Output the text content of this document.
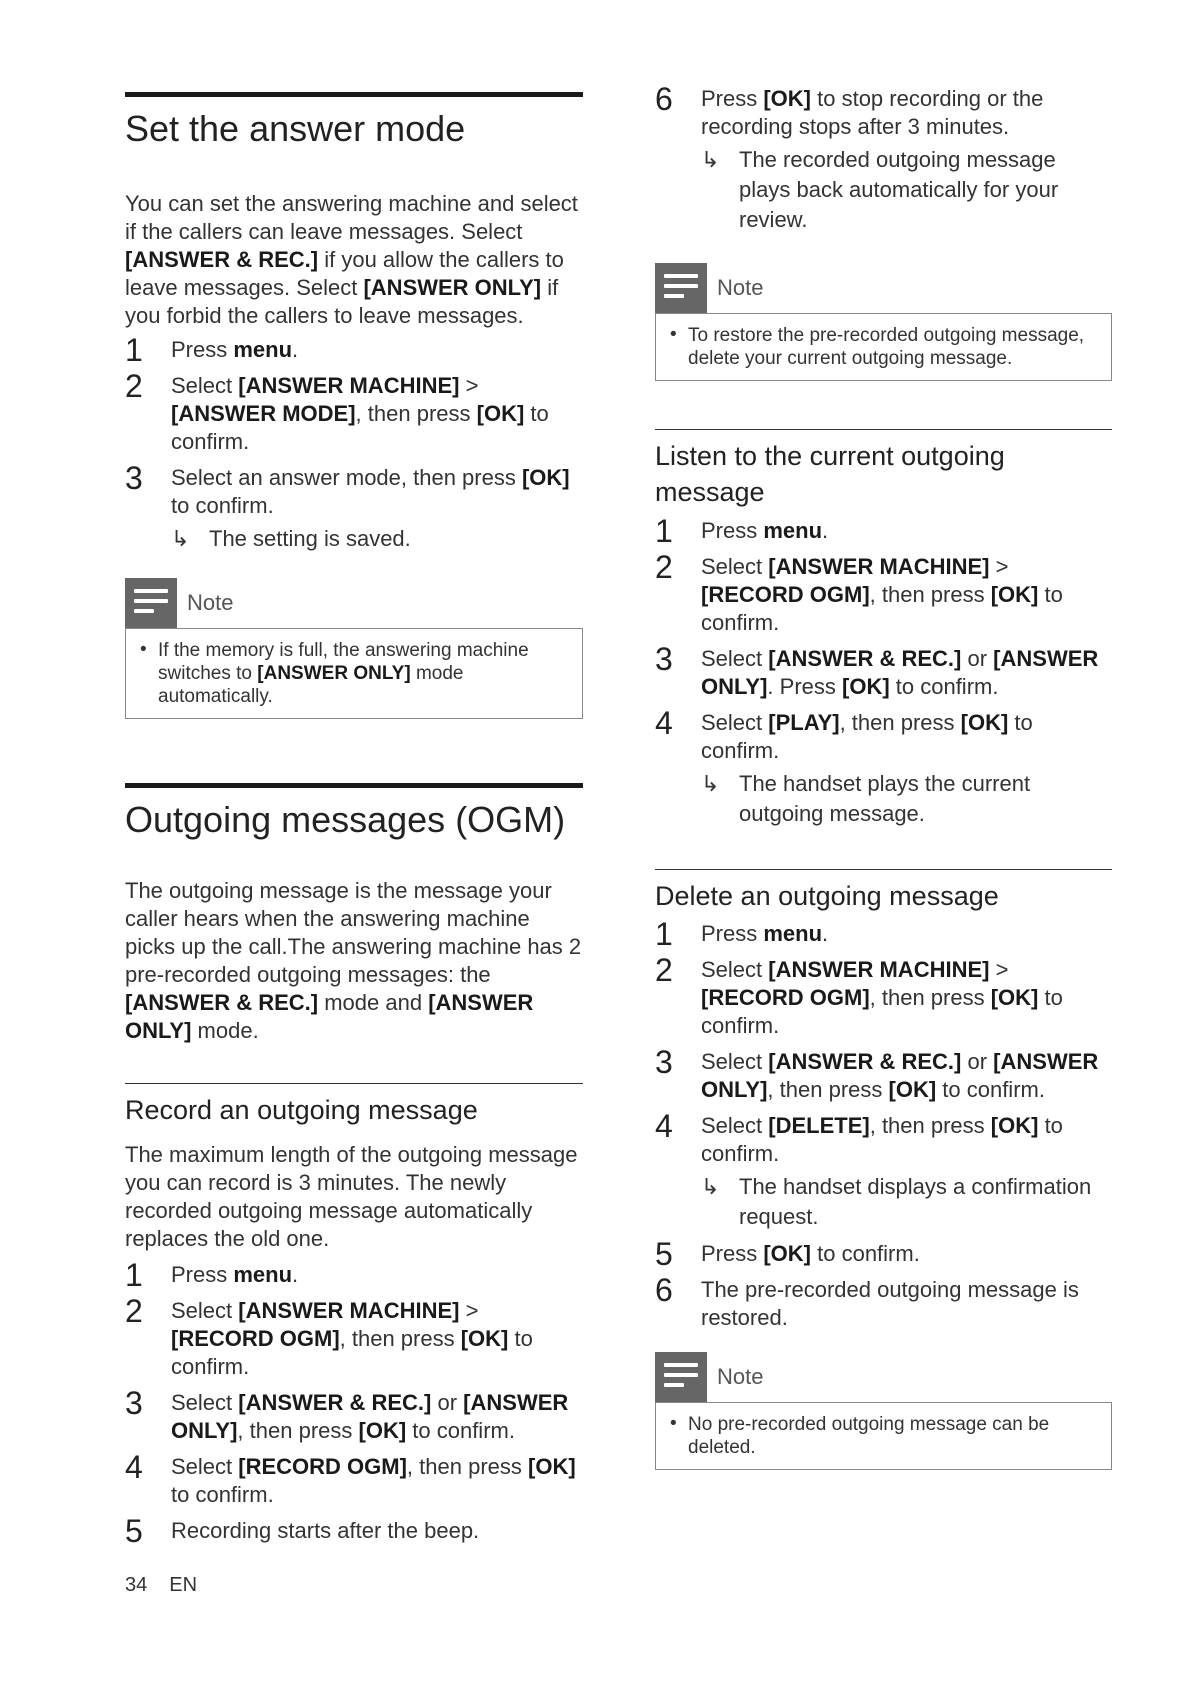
Set the answer mode

You can set the answering machine and select if the callers can leave messages. Select [ANSWER & REC.] if you allow the callers to leave messages. Select [ANSWER ONLY] if you forbid the callers to leave messages.

1 Press menu.
2 Select [ANSWER MACHINE] > [ANSWER MODE], then press [OK] to confirm.
3 Select an answer mode, then press [OK] to confirm.
↳ The setting is saved.
Note
• If the memory is full, the answering machine switches to [ANSWER ONLY] mode automatically.
Outgoing messages (OGM)

The outgoing message is the message your caller hears when the answering machine picks up the call.The answering machine has 2 pre-recorded outgoing messages: the [ANSWER & REC.] mode and [ANSWER ONLY] mode.

Record an outgoing message

The maximum length of the outgoing message you can record is 3 minutes. The newly recorded outgoing message automatically replaces the old one.

1 Press menu.
2 Select [ANSWER MACHINE] > [RECORD OGM], then press [OK] to confirm.
3 Select [ANSWER & REC.] or [ANSWER ONLY], then press [OK] to confirm.
4 Select [RECORD OGM], then press [OK] to confirm.
5 Recording starts after the beep.
6 Press [OK] to stop recording or the recording stops after 3 minutes.
↳ The recorded outgoing message plays back automatically for your review.
Note
• To restore the pre-recorded outgoing message, delete your current outgoing message.
Listen to the current outgoing message
1 Press menu.
2 Select [ANSWER MACHINE] > [RECORD OGM], then press [OK] to confirm.
3 Select [ANSWER & REC.] or [ANSWER ONLY]. Press [OK] to confirm.
4 Select [PLAY], then press [OK] to confirm.
↳ The handset plays the current outgoing message.
Delete an outgoing message
1 Press menu.
2 Select [ANSWER MACHINE] > [RECORD OGM], then press [OK] to confirm.
3 Select [ANSWER & REC.] or [ANSWER ONLY], then press [OK] to confirm.
4 Select [DELETE], then press [OK] to confirm.
↳ The handset displays a confirmation request.
5 Press [OK] to confirm.
6 The pre-recorded outgoing message is restored.
Note
• No pre-recorded outgoing message can be deleted.
34 EN
